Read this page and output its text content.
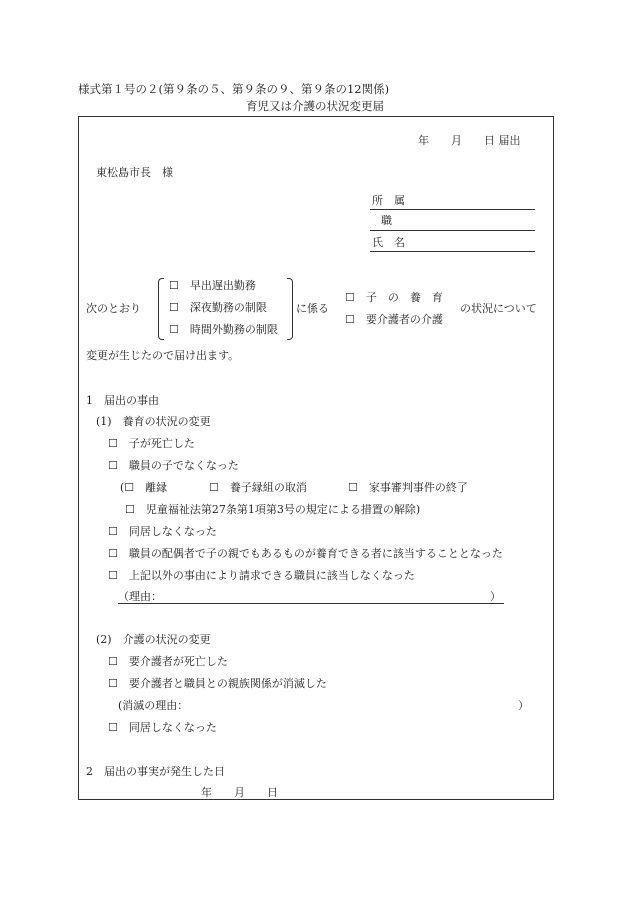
様式第１号の２(第９条の５、第９条の９、第９条の12関係)
育児又は介護の状況変更届
年　　月　　日 届出
東松島市長　様
所　属
職
氏　名
次のとおり
☐　早出遅出勤務
☐　深夜勤務の制限
☐　時間外勤務の制限
に係る
☐　子　の　養　育
☐　要介護者の介護
の状況について
変更が生じたので届け出ます。
1　届出の事由
(1)　養育の状況の変更
☐　子が死亡した
☐　職員の子でなくなった
(☐　離縁	☐　養子縁組の取消	☐　家事審判事件の終了
☐　児童福祉法第27条第1項第3号の規定による措置の解除)
☐　同居しなくなった
☐　職員の配偶者で子の親でもあるものが養育できる者に該当することとなった
☐　上記以外の事由により請求できる職員に該当しなくなった
（理由：	）
(2)　介護の状況の変更
☐　要介護者が死亡した
☐　要介護者と職員との親族関係が消滅した
(消滅の理由：	）
☐　同居しなくなった
2　届出の事実が発生した日
年　　月　　日
